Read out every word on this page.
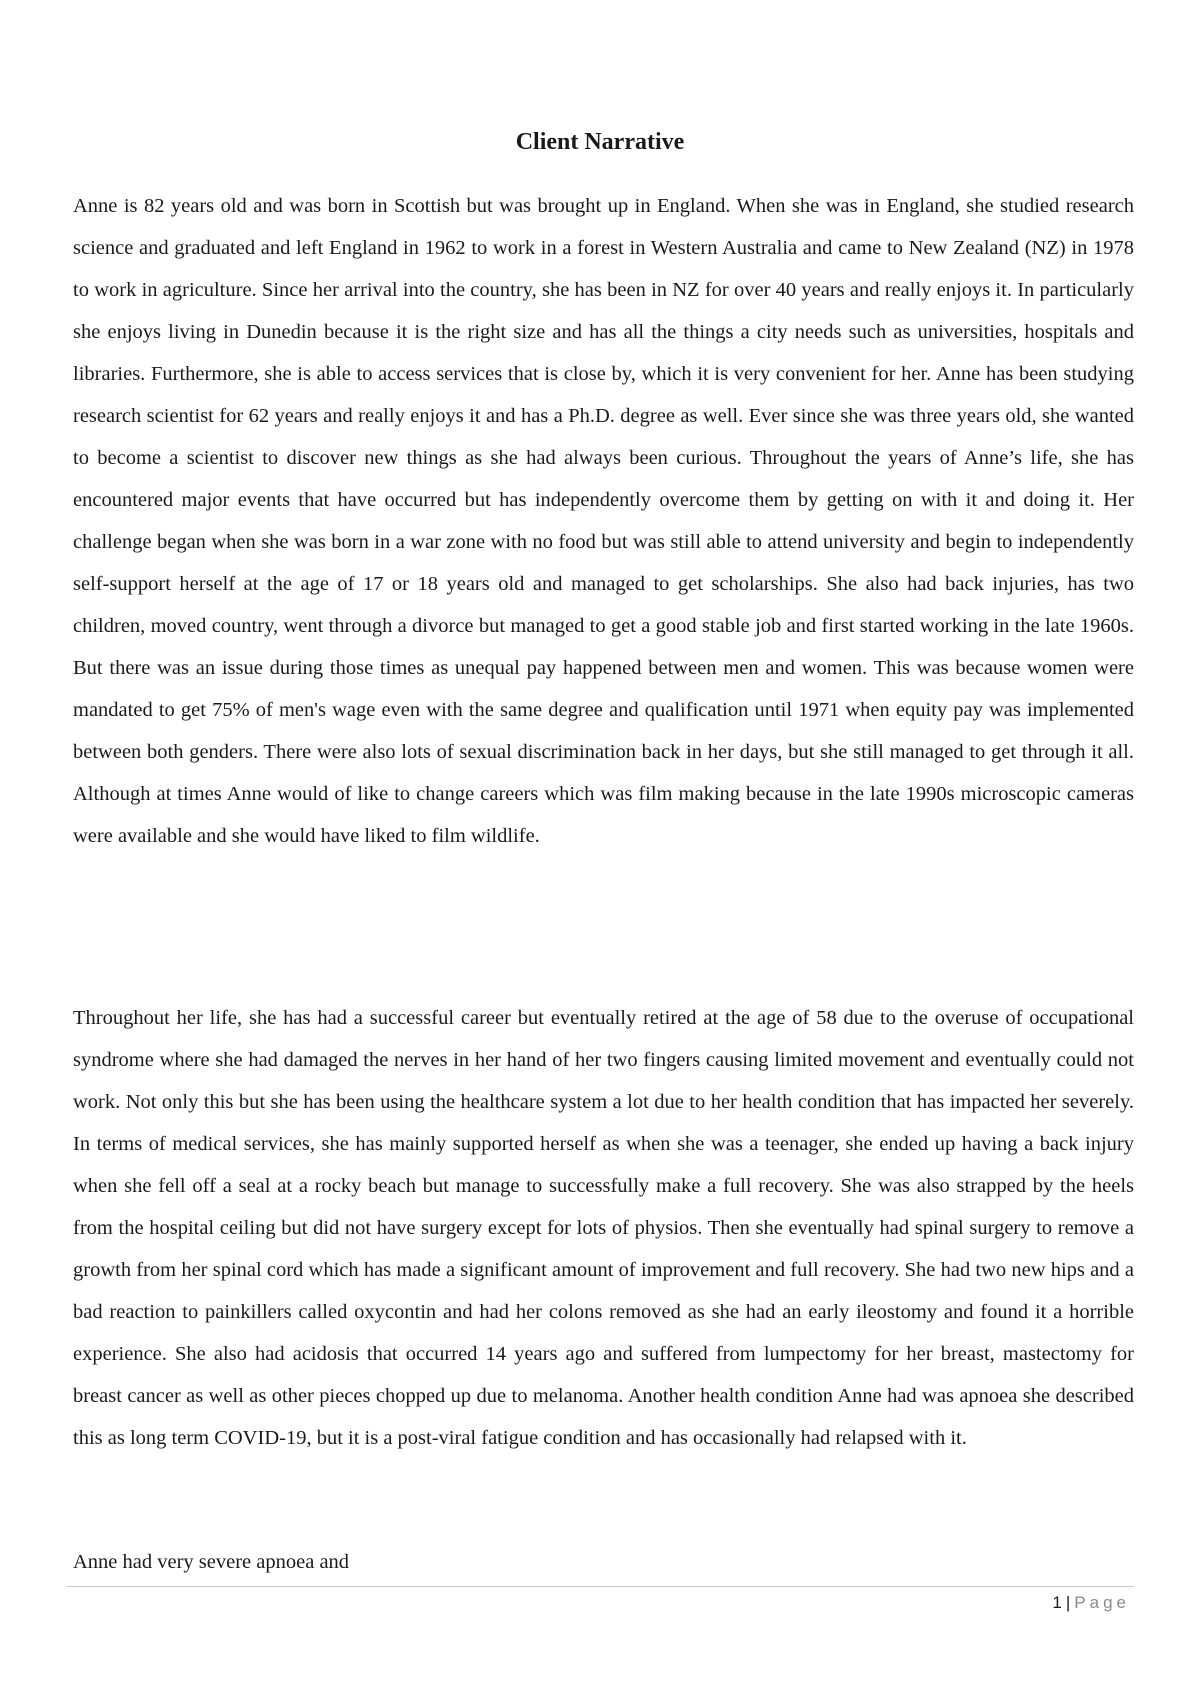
Client Narrative

Anne is 82 years old and was born in Scottish but was brought up in England. When she was in England, she studied research science and graduated and left England in 1962 to work in a forest in Western Australia and came to New Zealand (NZ) in 1978 to work in agriculture. Since her arrival into the country, she has been in NZ for over 40 years and really enjoys it. In particularly she enjoys living in Dunedin because it is the right size and has all the things a city needs such as universities, hospitals and libraries. Furthermore, she is able to access services that is close by, which it is very convenient for her. Anne has been studying research scientist for 62 years and really enjoys it and has a Ph.D. degree as well. Ever since she was three years old, she wanted to become a scientist to discover new things as she had always been curious. Throughout the years of Anne’s life, she has encountered major events that have occurred but has independently overcome them by getting on with it and doing it. Her challenge began when she was born in a war zone with no food but was still able to attend university and begin to independently self-support herself at the age of 17 or 18 years old and managed to get scholarships. She also had back injuries, has two children, moved country, went through a divorce but managed to get a good stable job and first started working in the late 1960s. But there was an issue during those times as unequal pay happened between men and women. This was because women were mandated to get 75% of men's wage even with the same degree and qualification until 1971 when equity pay was implemented between both genders. There were also lots of sexual discrimination back in her days, but she still managed to get through it all. Although at times Anne would of like to change careers which was film making because in the late 1990s microscopic cameras were available and she would have liked to film wildlife.

Throughout her life, she has had a successful career but eventually retired at the age of 58 due to the overuse of occupational syndrome where she had damaged the nerves in her hand of her two fingers causing limited movement and eventually could not work. Not only this but she has been using the healthcare system a lot due to her health condition that has impacted her severely. In terms of medical services, she has mainly supported herself as when she was a teenager, she ended up having a back injury when she fell off a seal at a rocky beach but manage to successfully make a full recovery. She was also strapped by the heels from the hospital ceiling but did not have surgery except for lots of physios. Then she eventually had spinal surgery to remove a growth from her spinal cord which has made a significant amount of improvement and full recovery. She had two new hips and a bad reaction to painkillers called oxycontin and had her colons removed as she had an early ileostomy and found it a horrible experience. She also had acidosis that occurred 14 years ago and suffered from lumpectomy for her breast, mastectomy for breast cancer as well as other pieces chopped up due to melanoma. Another health condition Anne had was apnoea she described this as long term COVID-19, but it is a post-viral fatigue condition and has occasionally had relapsed with it.

Anne had very severe apnoea and

1 | Page
